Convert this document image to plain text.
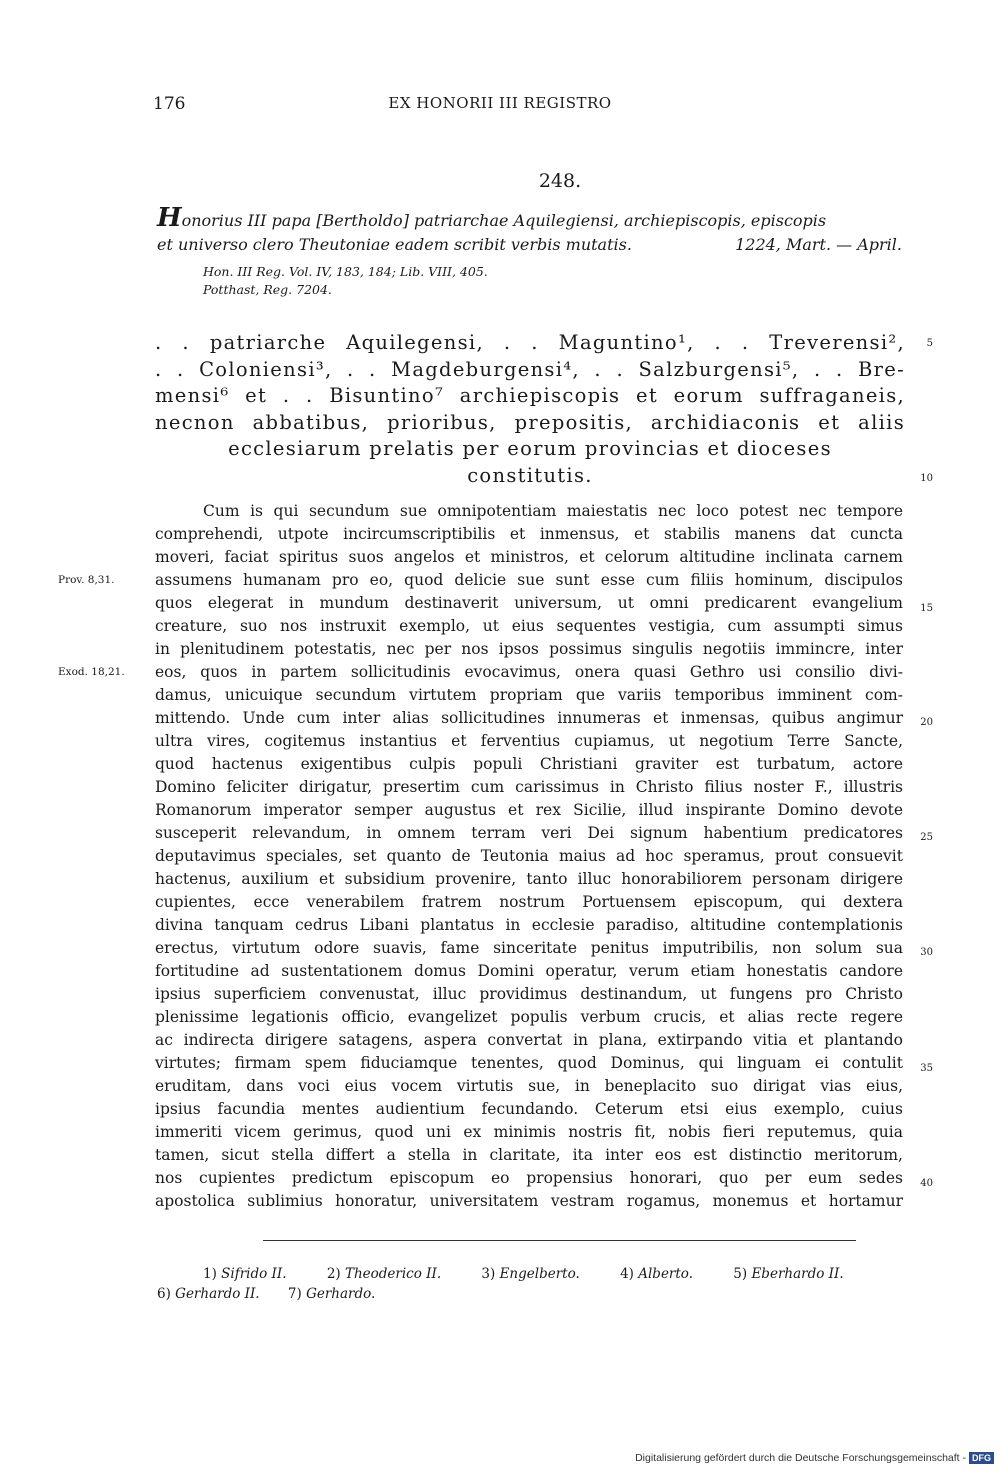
176	EX HONORII III REGISTRO
248.
Honorius III papa [Bertholdo] patriarchae Aquilegiensi, archiepiscopis, episcopis
et universo clero Theutoniae eadem scribit verbis mutatis.	1224, Mart. — April.
Hon. III Reg. Vol. IV, 183, 184; Lib. VIII, 405.
Potthast, Reg. 7204.
. . patriarche Aquilegensi, . . Maguntino¹, . . Treverensi²,
. . Coloniensi³, . . Magdeburgensi⁴, . . Salzburgensi⁵, . . Bre-
mensi⁶ et . . Bisuntino⁷ archiepiscopis et eorum suffraganeis,
necnon abbatibus, prioribus, prepositis, archidiaconis et aliis
ecclesiarum prelatis per eorum provincias et dioceses
constitutis.
5
10
15
20
25
30
35
40
Prov. 8,31.
Exod. 18,21.
Cum is qui secundum sue omnipotentiam maiestatis nec loco potest nec tempore
comprehendi, utpote incircumscriptibilis et inmensus, et stabilis manens dat cuncta
moveri, faciat spiritus suos angelos et ministros, et celorum altitudine inclinata carnem
assumens humanam pro eo, quod delicie sue sunt esse cum filiis hominum, discipulos
quos elegerat in mundum destinaverit universum, ut omni predicarent evangelium
creature, suo nos instruxit exemplo, ut eius sequentes vestigia, cum assumpti simus
in plenitudinem potestatis, nec per nos ipsos possimus singulis negotiis immincre, inter
eos, quos in partem sollicitudinis evocavimus, onera quasi Gethro usi consilio divi-
damus, unicuique secundum virtutem propriam que variis temporibus imminent com-
mittendo. Unde cum inter alias sollicitudines innumeras et inmensas, quibus angimur
ultra vires, cogitemus instantius et ferventius cupiamus, ut negotium Terre Sancte,
quod hactenus exigentibus culpis populi Christiani graviter est turbatum, actore
Domino feliciter dirigatur, presertim cum carissimus in Christo filius noster F., illustris
Romanorum imperator semper augustus et rex Sicilie, illud inspirante Domino devote
susceperit relevandum, in omnem terram veri Dei signum habentium predicatores
deputavimus speciales, set quanto de Teutonia maius ad hoc speramus, prout consuevit
hactenus, auxilium et subsidium provenire, tanto illuc honorabiliorem personam dirigere
cupientes, ecce venerabilem fratrem nostrum Portuensem episcopum, qui dextera
divina tanquam cedrus Libani plantatus in ecclesie paradiso, altitudine contemplationis
erectus, virtutum odore suavis, fame sinceritate penitus imputribilis, non solum sua
fortitudine ad sustentationem domus Domini operatur, verum etiam honestatis candore
ipsius superficiem convenustat, illuc providimus destinandum, ut fungens pro Christo
plenissime legationis officio, evangelizet populis verbum crucis, et alias recte regere
ac indirecta dirigere satagens, aspera convertat in plana, extirpando vitia et plantando
virtutes; firmam spem fiduciamque tenentes, quod Dominus, qui linguam ei contulit
eruditam, dans voci eius vocem virtutis sue, in beneplacito suo dirigat vias eius,
ipsius facundia mentes audientium fecundando. Ceterum etsi eius exemplo, cuius
immeriti vicem gerimus, quod uni ex minimis nostris fit, nobis fieri reputemus, quia
tamen, sicut stella differt a stella in claritate, ita inter eos est distinctio meritorum,
nos cupientes predictum episcopum eo propensius honorari, quo per eum sedes
apostolica sublimius honoratur, universitatem vestram rogamus, monemus et hortamur
1) Sifrido II.	2) Theoderico II.	3) Engelberto.	4) Alberto.	5) Eberhardo II.
6) Gerhardo II. 7) Gerhardo.
Digitalisierung gefördert durch die Deutsche Forschungsgemeinschaft - DFG
